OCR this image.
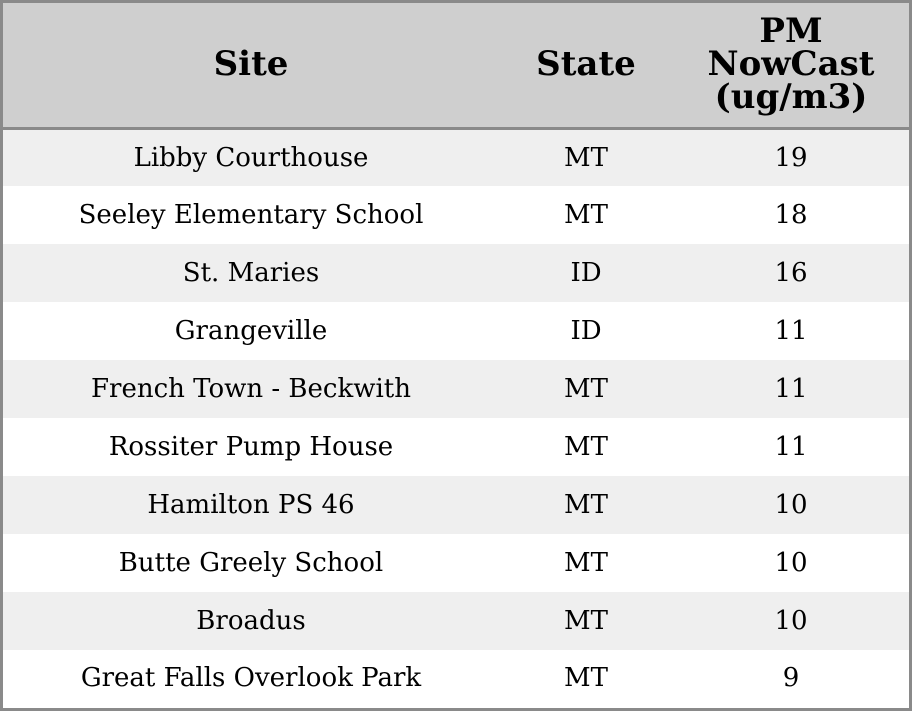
Site	State	PM
NowCast
(ug/m3)
Libby Courthouse	MT	19
Seeley Elementary School	MT	18
St. Maries	ID	16
Grangeville	ID	11
French Town - Beckwith	MT	11
Rossiter Pump House	MT	11
Hamilton PS 46	MT	10
Butte Greely School	MT	10
Broadus	MT	10
Great Falls Overlook Park	MT	9
